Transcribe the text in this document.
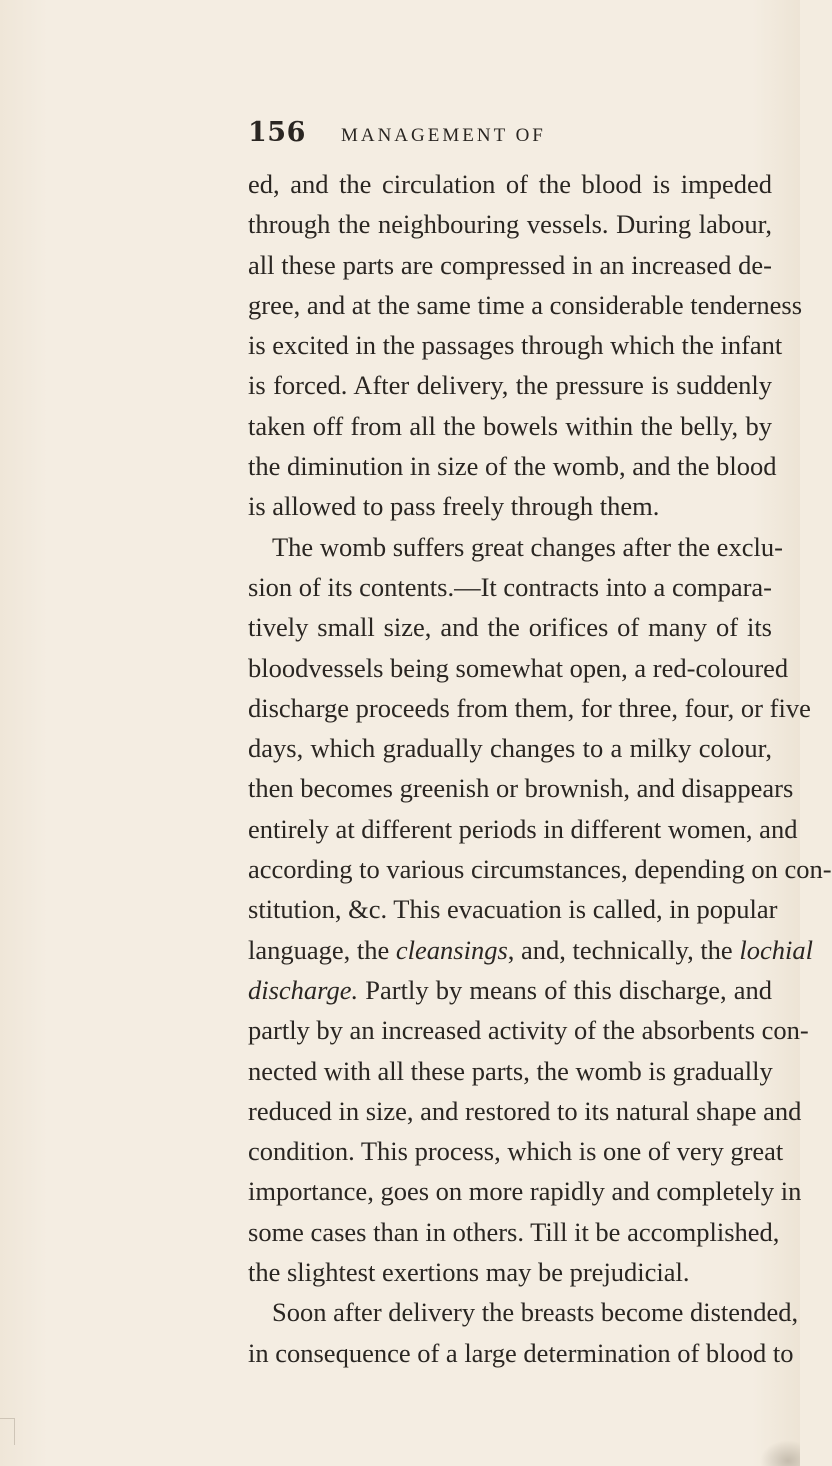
156 MANAGEMENT OF
ed, and the circulation of the blood is impeded
through the neighbouring vessels. During labour,
all these parts are compressed in an increased de-
gree, and at the same time a considerable tenderness
is excited in the passages through which the infant
is forced. After delivery, the pressure is suddenly
taken off from all the bowels within the belly, by
the diminution in size of the womb, and the blood
is allowed to pass freely through them.
The womb suffers great changes after the exclu-
sion of its contents.—It contracts into a compara-
tively small size, and the orifices of many of its
bloodvessels being somewhat open, a red-coloured
discharge proceeds from them, for three, four, or five
days, which gradually changes to a milky colour,
then becomes greenish or brownish, and disappears
entirely at different periods in different women, and
according to various circumstances, depending on con-
stitution, &c. This evacuation is called, in popular
language, the cleansings, and, technically, the lochial
discharge. Partly by means of this discharge, and
partly by an increased activity of the absorbents con-
nected with all these parts, the womb is gradually
reduced in size, and restored to its natural shape and
condition. This process, which is one of very great
importance, goes on more rapidly and completely in
some cases than in others. Till it be accomplished,
the slightest exertions may be prejudicial.
Soon after delivery the breasts become distended,
in consequence of a large determination of blood to
